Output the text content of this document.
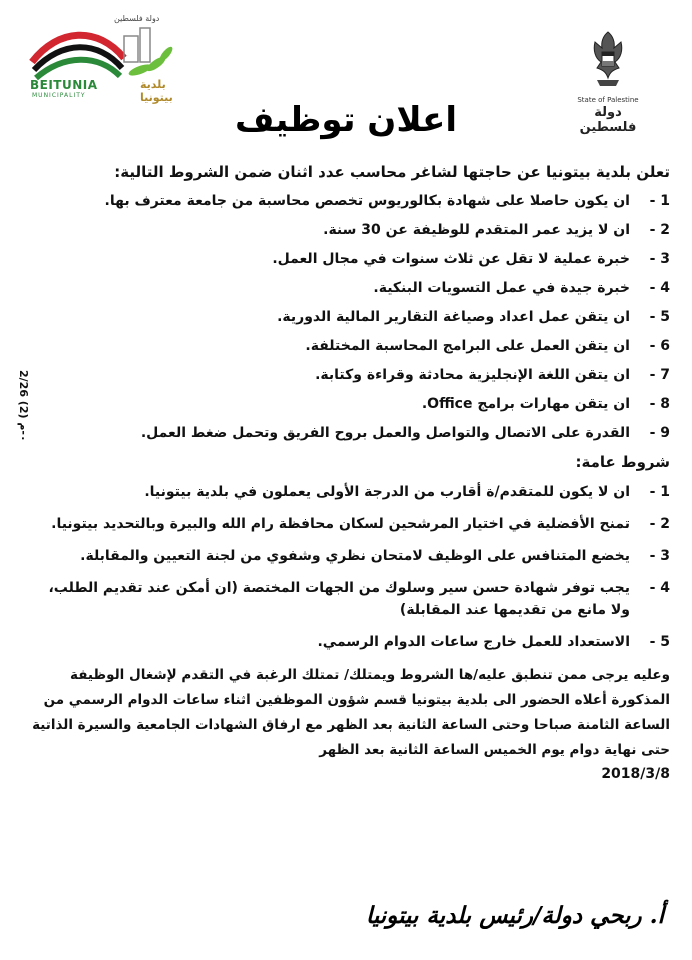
State of Palestine
دولة فلسطين
دولة فلسطين
BEITUNIA
MUNICIPALITY
بلدية بيتونيا
اعلان توظيف
2/26 (2) ٠-م
تعلن بلدية بيتونيا عن حاجتها لشاغر محاسب عدد اثنان ضمن الشروط التالية:
1 -
ان يكون حاصلا على شهادة بكالوريوس تخصص محاسبة من جامعة معترف بها.
2 -
ان لا يزيد عمر المتقدم للوظيفة عن 30 سنة.
3 -
خبرة عملية لا تقل عن ثلاث سنوات في مجال العمل.
4 -
خبرة جيدة في عمل التسويات البنكية.
5 -
ان يتقن عمل اعداد وصياغة التقارير المالية الدورية.
6 -
ان يتقن العمل على البرامج المحاسبة المختلفة.
7 -
ان يتقن اللغة الإنجليزية محادثة وقراءة وكتابة.
8 -
ان يتقن مهارات برامج Office.
9 -
القدرة على الاتصال والتواصل والعمل بروح الفريق وتحمل ضغط العمل.
شروط عامة:
1 -
ان لا يكون للمتقدم/ة أقارب من الدرجة الأولى يعملون في بلدية بيتونيا.
2 -
تمنح الأفضلية في اختيار المرشحين لسكان محافظة رام الله والبيرة وبالتحديد بيتونيا.
3 -
يخضع المتنافس على الوظيف لامتحان نظري وشفوي من لجنة التعيين والمقابلة.
4 -
يجب توفر شهادة حسن سير وسلوك من الجهات المختصة (ان أمكن عند تقديم الطلب، ولا مانع من تقديمها عند المقابلة)
5 -
الاستعداد للعمل خارج ساعات الدوام الرسمي.
وعليه يرجى ممن تنطبق عليه/ها الشروط ويمتلك/ تمتلك الرغبة في التقدم لإشغال الوظيفة المذكورة أعلاه الحضور الى بلدية بيتونيا قسم شؤون الموظفين اثناء ساعات الدوام الرسمي من الساعة الثامنة صباحا وحتى الساعة الثانية بعد الظهر مع ارفاق الشهادات الجامعية والسيرة الذاتية حتى نهاية دوام يوم الخميس الساعة الثانية بعد الظهر
2018/3/8
أ. ربحي دولة/رئيس بلدية بيتونيا
